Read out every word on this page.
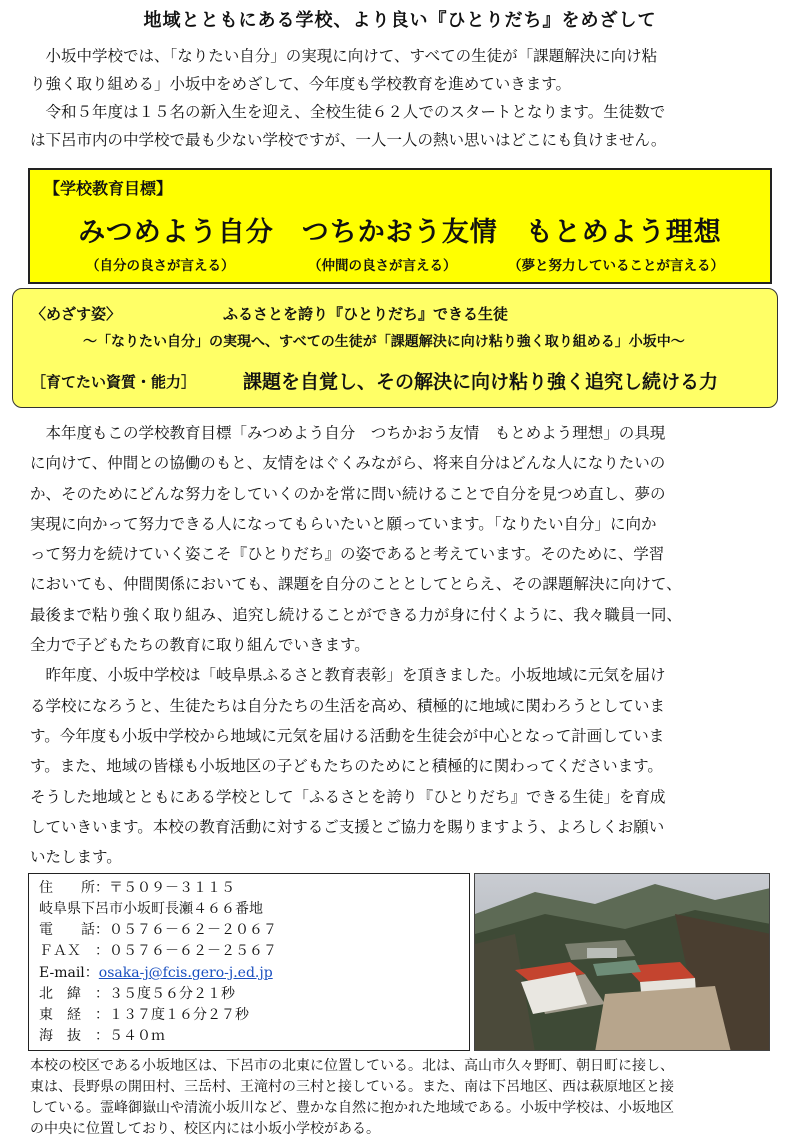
地域とともにある学校、より良い『ひとりだち』をめざして

　小坂中学校では、「なりたい自分」の実現に向けて、すべての生徒が「課題解決に向け粘
り強く取り組める」小坂中をめざして、今年度も学校教育を進めていきます。
　令和５年度は１５名の新入生を迎え、全校生徒６２人でのスタートとなります。生徒数で
は下呂市内の中学校で最も少ない学校ですが、一人一人の熱い思いはどこにも負けません。

【学校教育目標】
みつめよう自分　つちかおう友情　もとめよう理想
（自分の良さが言える）	（仲間の良さが言える）	（夢と努力していることが言える）
〈めざす姿〉	ふるさとを誇り『ひとりだち』できる生徒
～「なりたい自分」の実現へ、すべての生徒が「課題解決に向け粘り強く取り組める」小坂中～
［育てたい資質・能力］ 課題を自覚し、その解決に向け粘り強く追究し続ける力

　本年度もこの学校教育目標「みつめよう自分　つちかおう友情　もとめよう理想」の具現
に向けて、仲間との協働のもと、友情をはぐくみながら、将来自分はどんな人になりたいの
か、そのためにどんな努力をしていくのかを常に問い続けることで自分を見つめ直し、夢の
実現に向かって努力できる人になってもらいたいと願っています。「なりたい自分」に向か
って努力を続けていく姿こそ『ひとりだち』の姿であると考えています。そのために、学習
においても、仲間関係においても、課題を自分のこととしてとらえ、その課題解決に向けて、
最後まで粘り強く取り組み、追究し続けることができる力が身に付くように、我々職員一同、
全力で子どもたちの教育に取り組んでいきます。
　昨年度、小坂中学校は「岐阜県ふるさと教育表彰」を頂きました。小坂地域に元気を届け
る学校になろうと、生徒たちは自分たちの生活を高め、積極的に地域に関わろうとしていま
す。今年度も小坂中学校から地域に元気を届ける活動を生徒会が中心となって計画していま
す。また、地域の皆様も小坂地区の子どもたちのためにと積極的に関わってくださいます。
そうした地域とともにある学校として「ふるさとを誇り『ひとりだち』できる生徒」を育成
していきいます。本校の教育活動に対するご支援とご協力を賜りますよう、よろしくお願い
いたします。

住　　所：〒５０９－３１１５
岐阜県下呂市小坂町長瀬４６６番地
電　　話：０５７６－６２－２０６７
ＦＡＸ　：０５７６－６２－２５６７
E-mail：osaka-j@fcis.gero-j.ed.jp
北　緯　：３５度５６分２１秒
東　経　：１３７度１６分２７秒
海　抜　：５４０ｍ
本校の校区である小坂地区は、下呂市の北東に位置している。北は、高山市久々野町、朝日町に接し、
東は、長野県の開田村、三岳村、王滝村の三村と接している。また、南は下呂地区、西は萩原地区と接
している。霊峰御嶽山や清流小坂川など、豊かな自然に抱かれた地域である。小坂中学校は、小坂地区
の中央に位置しており、校区内には小坂小学校がある。
